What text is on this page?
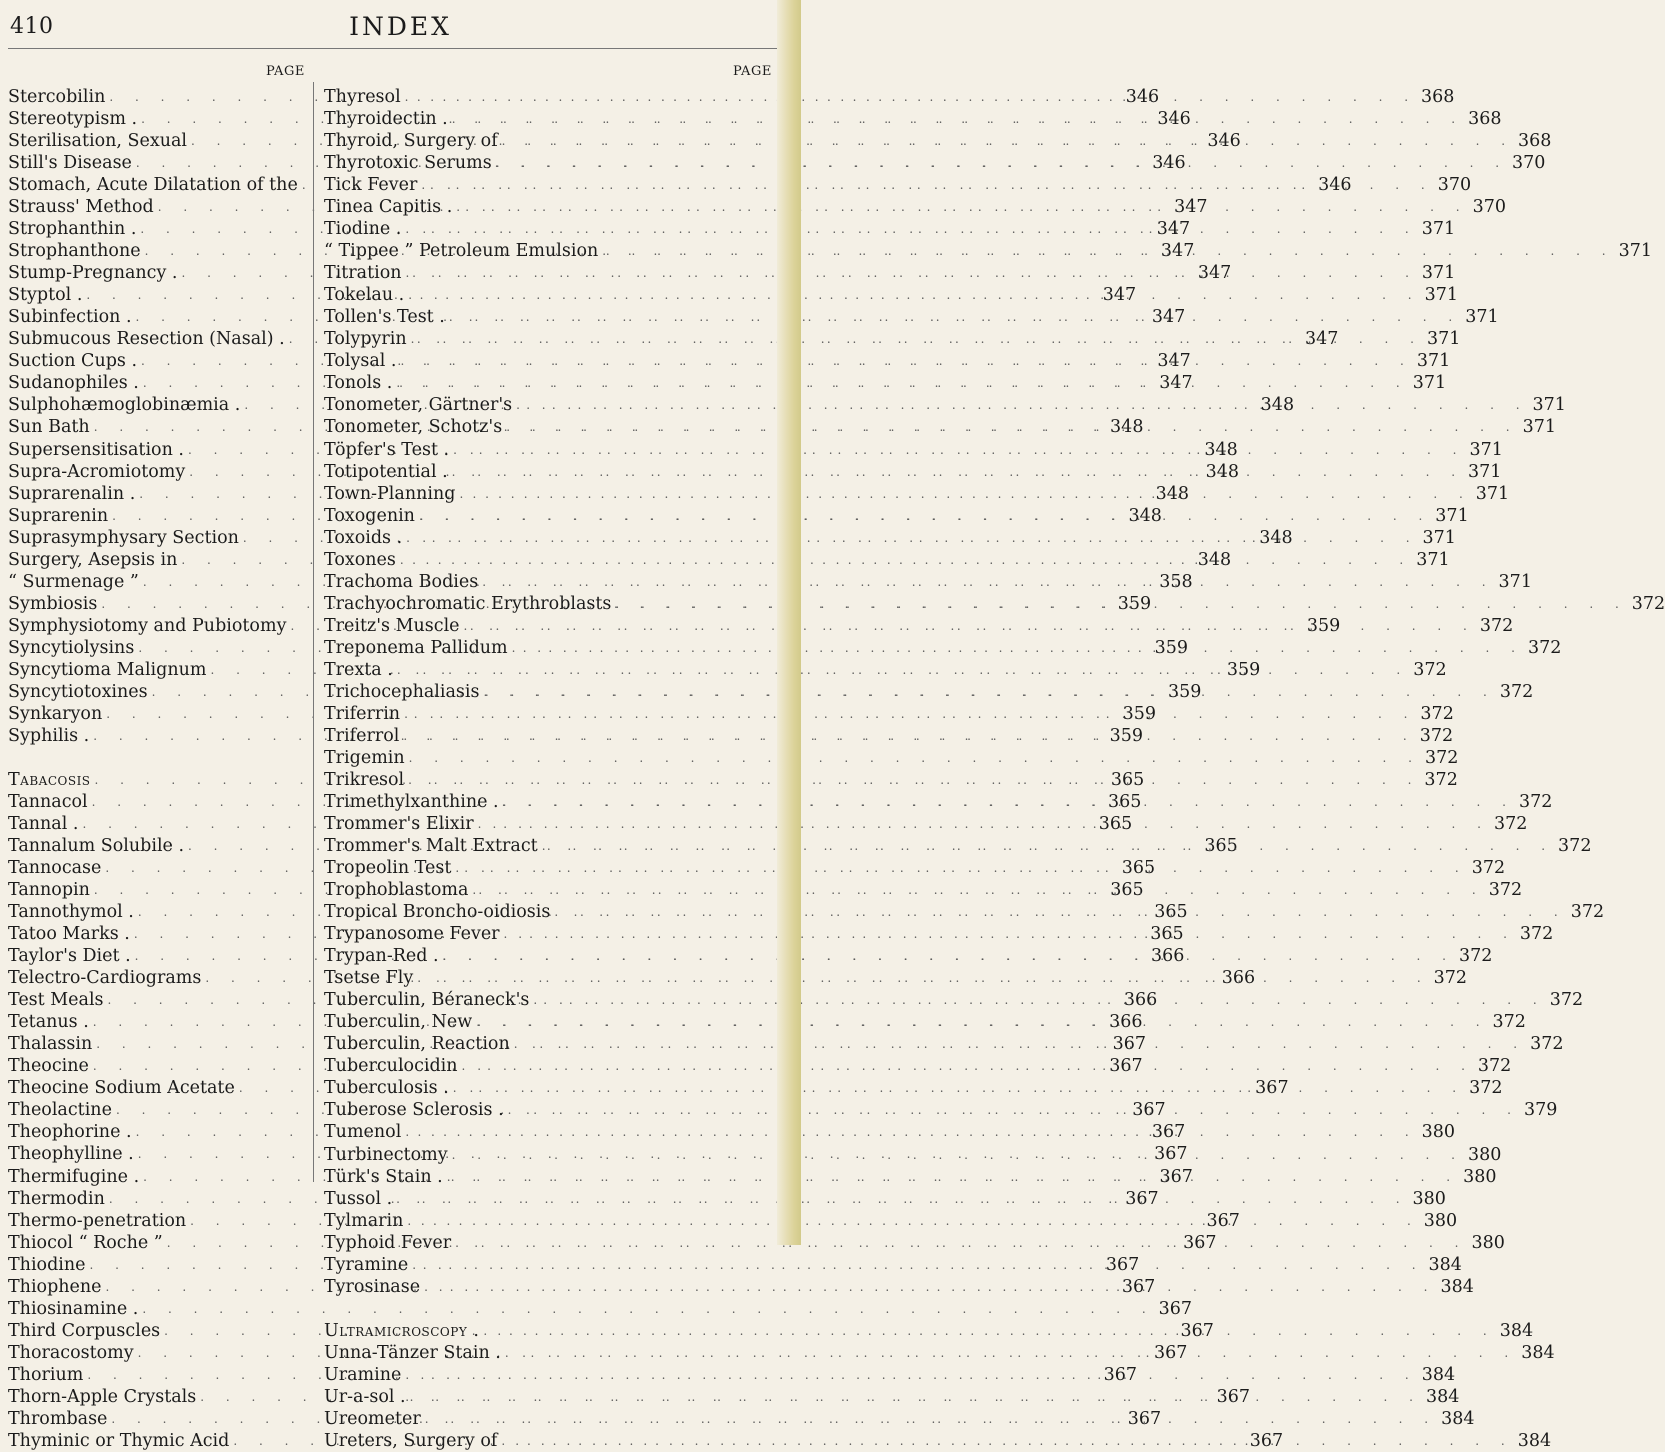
410	INDEX
PAGE	PAGE
Stercobilin . . .	346
Stereotypism . . . .	346
Sterilisation, Sexual . . .	346
Still's Disease . . .	346
Stomach, Acute Dilatation of the . . .	346
Strauss' Method . . .	347
Strophanthin . . . .	347
Strophanthone . . .	347
Stump-Pregnancy . . . .	347
Styptol . . . .	347
Subinfection . . . .	347
Submucous Resection (Nasal) . . . .	347
Suction Cups . . . .	347
Sudanophiles . . . .	347
Sulphohæmoglobinæmia . . . .	348
Sun Bath . . .	348
Supersensitisation . . . .	348
Supra-Acromiotomy . . .	348
Suprarenalin . . . .	348
Suprarenin . . .	348
Suprasymphysary Section . . .	348
Surgery, Asepsis in . . .	348
“ Surmenage ” . . .	358
Symbiosis . . .	359
Symphysiotomy and Pubiotomy . . .	359
Syncytiolysins . . .	359
Syncytioma Malignum . . .	359
Syncytiotoxines . . .	359
Synkaryon . . .	359
Syphilis . . . .	359
Tabacosis . . .	365
Tannacol . . .	365
Tannal . . . .	365
Tannalum Solubile . . . .	365
Tannocase . . .	365
Tannopin . . .	365
Tannothymol . . . .	365
Tatoo Marks . . . .	365
Taylor's Diet . . . .	366
Telectro-Cardiograms . . .	366
Test Meals . . .	366
Tetanus . . . .	366
Thalassin . . .	367
Theocine . . .	367
Theocine Sodium Acetate . . .	367
Theolactine . . .	367
Theophorine . . . .	367
Theophylline . . . .	367
Thermifugine . . . .	367
Thermodin . . .	367
Thermo-penetration . . .	367
Thiocol “ Roche ” . . .	367
Thiodine . . .	367
Thiophene . . .	367
Thiosinamine . . . .	367
Third Corpuscles . . .	367
Thoracostomy . . .	367
Thorium . . .	367
Thorn-Apple Crystals . . .	367
Thrombase . . .	367
Thyminic or Thymic Acid . . .	367
Thyresol . . .	368
Thyroidectin . . . .	368
Thyroid, Surgery of . . .	368
Thyrotoxic Serums . . .	370
Tick Fever . . .	370
Tinea Capitis . . . .	370
Tiodine . . . .	371
“ Tippee ” Petroleum Emulsion . . .	371
Titration . . .	371
Tokelau . . . .	371
Tollen's Test . . . .	371
Tolypyrin . . .	371
Tolysal . . . .	371
Tonols . . . .	371
Tonometer, Gärtner's . . .	371
Tonometer, Schotz's . . .	371
Töpfer's Test . . . .	371
Totipotential . . . .	371
Town-Planning . . .	371
Toxogenin . . .	371
Toxoids . . . .	371
Toxones . . .	371
Trachoma Bodies . . .	371
Trachyochromatic Erythroblasts . . .	372
Treitz's Muscle . . .	372
Treponema Pallidum . . .	372
Trexta . . . .	372
Trichocephaliasis . . .	372
Triferrin . . .	372
Triferrol . . .	372
Trigemin . . .	372
Trikresol . . .	372
Trimethylxanthine . . . .	372
Trommer's Elixir . . .	372
Trommer's Malt Extract . . .	372
Tropeolin Test . . .	372
Trophoblastoma . . .	372
Tropical Broncho-oidiosis . . .	372
Trypanosome Fever . . .	372
Trypan-Red . . . .	372
Tsetse Fly . . .	372
Tuberculin, Béraneck's . . .	372
Tuberculin, New . . .	372
Tuberculin, Reaction . . .	372
Tuberculocidin . . .	372
Tuberculosis . . . .	372
Tuberose Sclerosis . . . .	379
Tumenol . . .	380
Turbinectomy . . .	380
Türk's Stain . . . .	380
Tussol . . . .	380
Tylmarin . . .	380
Typhoid Fever . . .	380
Tyramine . . .	384
Tyrosinase . . .	384
Ultramicroscopy . . . .	384
Unna-Tänzer Stain . . . .	384
Uramine . . .	384
Ur-a-sol . . . .	384
Ureometer . . .	384
Ureters, Surgery of . . .	384
